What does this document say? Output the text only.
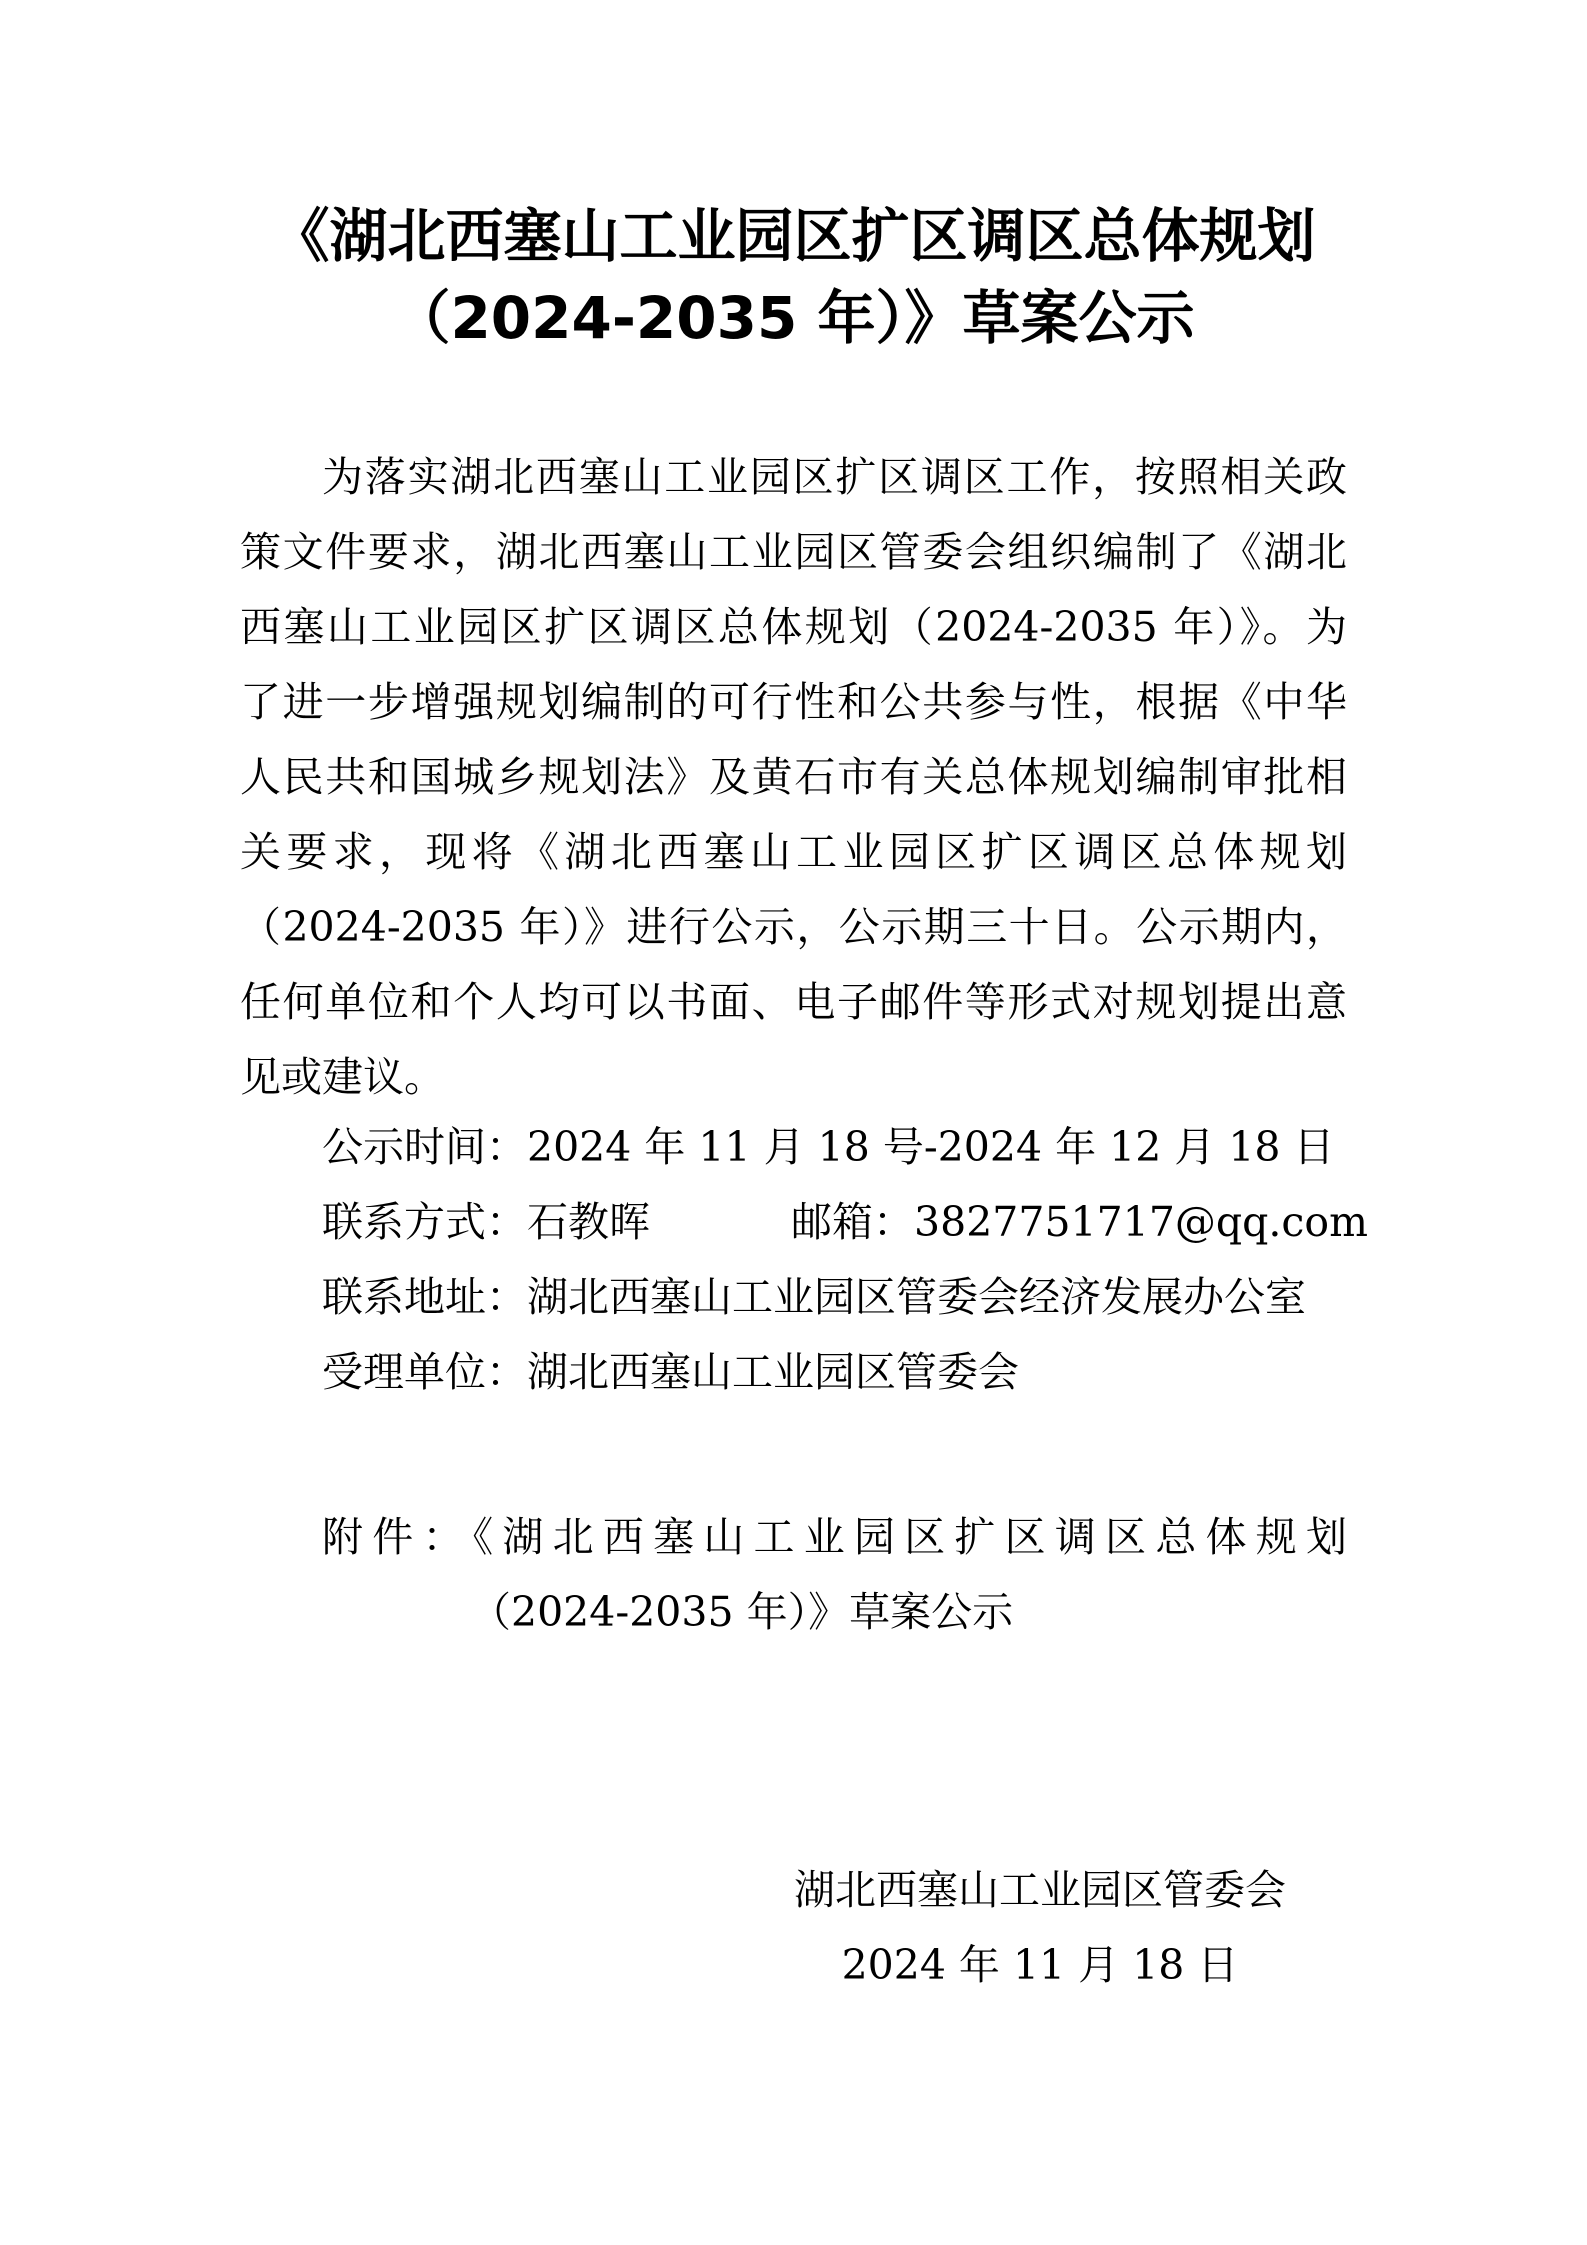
《湖北西塞山工业园区扩区调区总体规划
（2024-2035 年）》草案公示
为落实湖北西塞山工业园区扩区调区工作，按照相关政
策文件要求，湖北西塞山工业园区管委会组织编制了《湖北
西塞山工业园区扩区调区总体规划（2024-2035 年）》。为
了进一步增强规划编制的可行性和公共参与性，根据《中华
人民共和国城乡规划法》及黄石市有关总体规划编制审批相
关要求，现将《湖北西塞山工业园区扩区调区总体规划
（2024-2035 年）》进行公示，公示期三十日。公示期内，
任何单位和个人均可以书面、电子邮件等形式对规划提出意
见或建议。
公示时间：2024 年 11 月 18 号-2024 年 12 月 18 日
联系方式：石教晖	邮箱：3827751717@qq.com
联系地址：湖北西塞山工业园区管委会经济发展办公室
受理单位：湖北西塞山工业园区管委会
附件：《湖北西塞山工业园区扩区调区总体规划
（2024-2035 年）》草案公示
湖北西塞山工业园区管委会
2024 年 11 月 18 日
